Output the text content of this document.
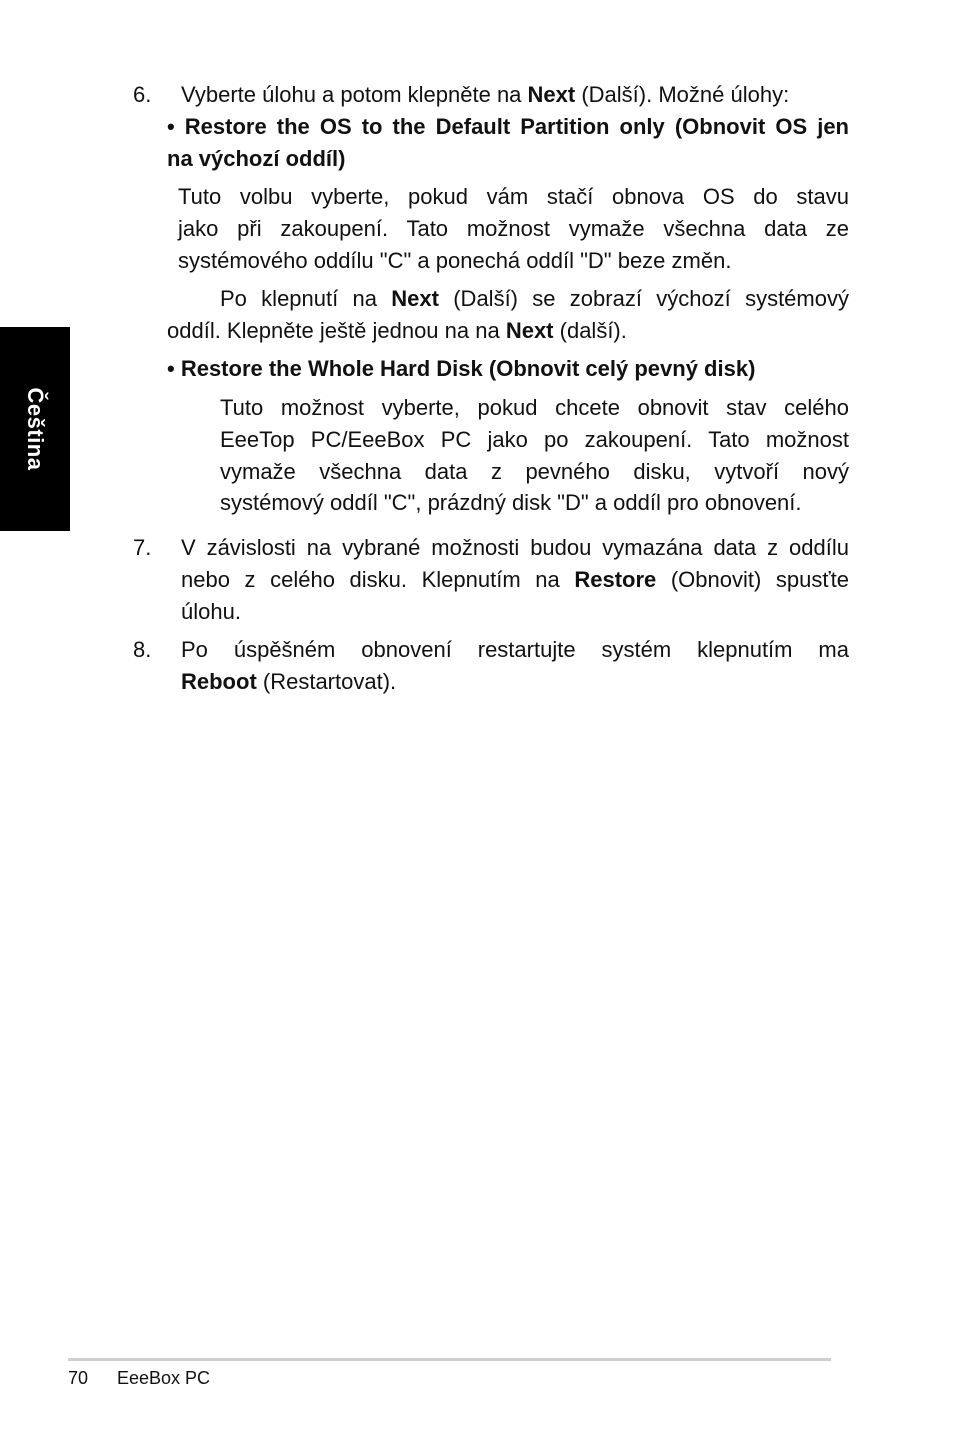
Čeština
6. Vyberte úlohu a potom klepněte na Next (Další). Možné úlohy:
• Restore the OS to the Default Partition only (Obnovit OS jen
na výchozí oddíl)
Tuto volbu vyberte, pokud vám stačí obnova OS do stavu
jako při zakoupení. Tato možnost vymaže všechna data ze
systémového oddílu "C" a ponechá oddíl "D" beze změn.
Po klepnutí na Next (Další) se zobrazí výchozí systémový
oddíl. Klepněte ještě jednou na na Next (další).
• Restore the Whole Hard Disk (Obnovit celý pevný disk)
Tuto možnost vyberte, pokud chcete obnovit stav celého
EeeTop PC/EeeBox PC jako po zakoupení. Tato možnost
vymaže všechna data z pevného disku, vytvoří nový
systémový oddíl "C", prázdný disk "D" a oddíl pro obnovení.
7. V závislosti na vybrané možnosti budou vymazána data z oddílu
nebo z celého disku. Klepnutím na Restore (Obnovit) spusťte
úlohu.
8. Po úspěšném obnovení restartujte systém klepnutím ma
Reboot (Restartovat).
70 EeeBox PC
